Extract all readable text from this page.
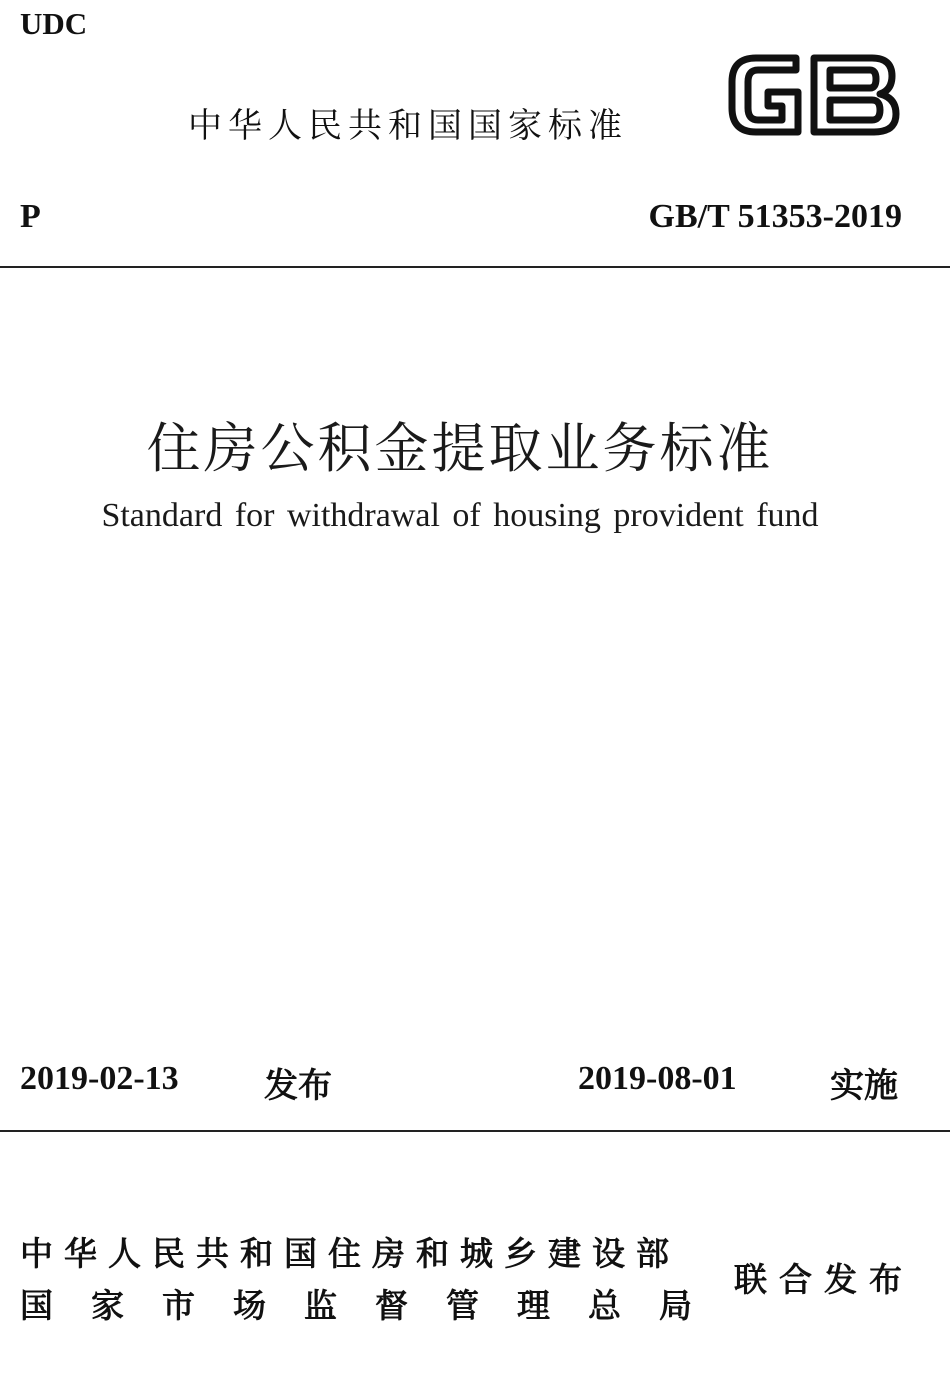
UDC
中华人民共和国国家标准
GB
P	GB/T 51353-2019
住房公积金提取业务标准
Standard for withdrawal of housing provident fund
2019-02-13	发布	2019-08-01	实施
中华人民共和国住房和城乡建设部
国家市场监督管理总局
联合发布
